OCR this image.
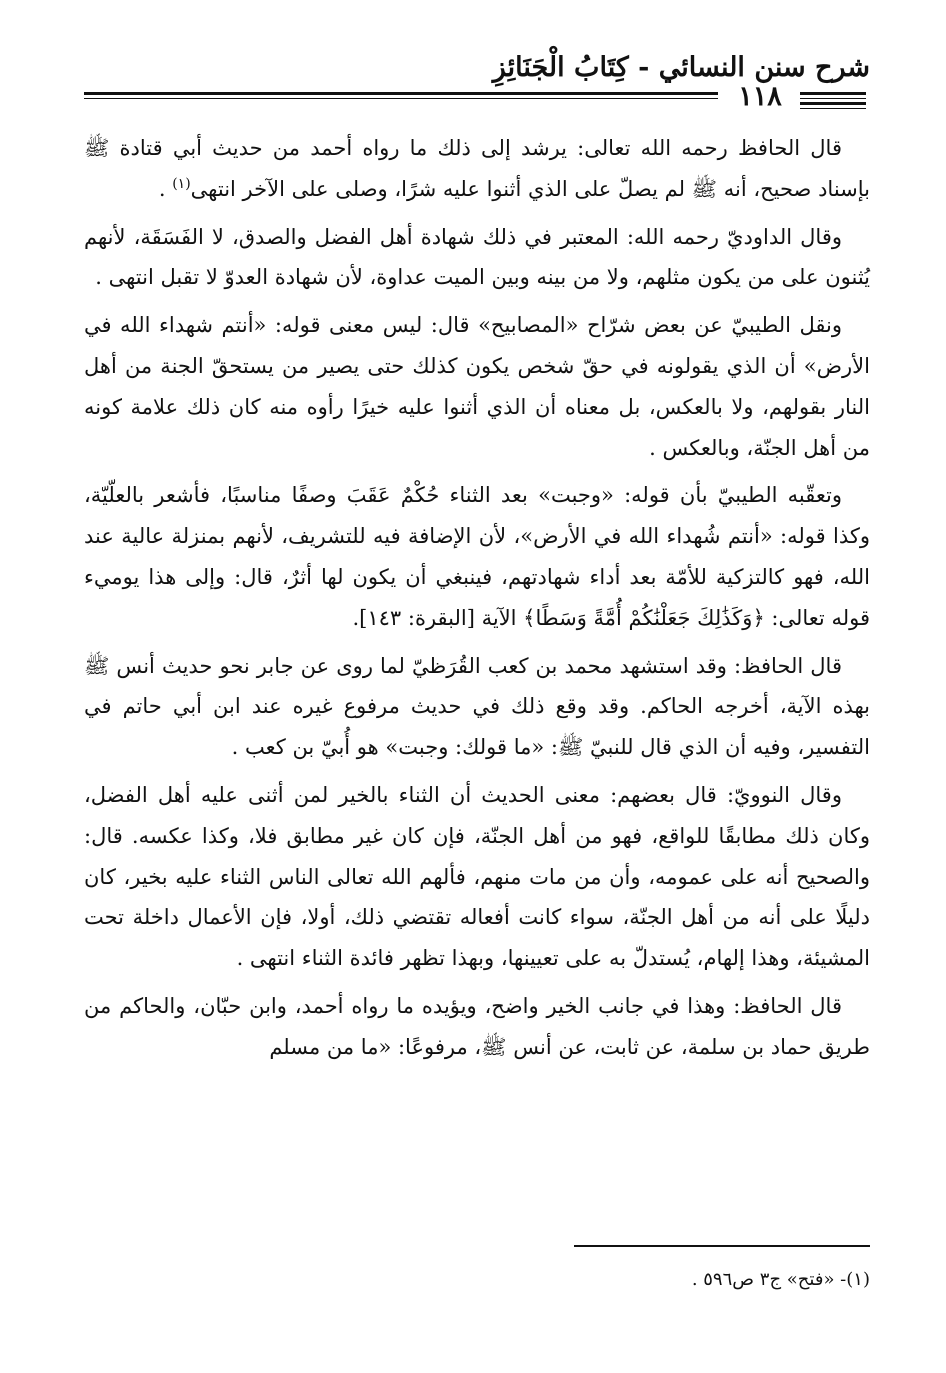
شرح سنن النسائي - كِتَابُ الْجَنَائِزِ
١١٨

قال الحافظ رحمه الله تعالى: يرشد إلى ذلك ما رواه أحمد من حديث أبي قتادة ﷺ بإسناد صحيح، أنه ﷺ لم يصلّ على الذي أثنوا عليه شرًا، وصلى على الآخر انتهى$^{(١)}$ .

وقال الداوديّ رحمه الله: المعتبر في ذلك شهادة أهل الفضل والصدق، لا الفَسَقَة، لأنهم يُثنون على من يكون مثلهم، ولا من بينه وبين الميت عداوة، لأن شهادة العدوّ لا تقبل انتهى .

ونقل الطيبيّ عن بعض شرّاح «المصابيح» قال: ليس معنى قوله: «أنتم شهداء الله في الأرض» أن الذي يقولونه في حقّ شخص يكون كذلك حتى يصير من يستحقّ الجنة من أهل النار بقولهم، ولا بالعكس، بل معناه أن الذي أثنوا عليه خيرًا رأوه منه كان ذلك علامة كونه من أهل الجنّة، وبالعكس .

وتعقّبه الطيبيّ بأن قوله: «وجبت» بعد الثناء حُكْمٌ عَقَبَ وصفًا مناسبًا، فأشعر بالعلّيّة، وكذا قوله: «أنتم شُهداء الله في الأرض»، لأن الإضافة فيه للتشريف، لأنهم بمنزلة عالية عند الله، فهو كالتزكية للأمّة بعد أداء شهادتهم، فينبغي أن يكون لها أثرٌ، قال: وإلى هذا يوميء قوله تعالى: ﴿وَكَذَٰلِكَ جَعَلْنَٰكُمْ أُمَّةً وَسَطًا﴾ الآية [البقرة: ١٤٣].

قال الحافظ: وقد استشهد محمد بن كعب القُرَظيّ لما روى عن جابر نحو حديث أنس ﷺ بهذه الآية، أخرجه الحاكم. وقد وقع ذلك في حديث مرفوع غيره عند ابن أبي حاتم في التفسير، وفيه أن الذي قال للنبيّ ﷺ: «ما قولك: وجبت» هو أُبيّ بن كعب .

وقال النوويّ: قال بعضهم: معنى الحديث أن الثناء بالخير لمن أثنى عليه أهل الفضل، وكان ذلك مطابقًا للواقع، فهو من أهل الجنّة، فإن كان غير مطابق فلا، وكذا عكسه. قال: والصحيح أنه على عمومه، وأن من مات منهم، فألهم الله تعالى الناس الثناء عليه بخير، كان دليلًا على أنه من أهل الجنّة، سواء كانت أفعاله تقتضي ذلك، أولا، فإن الأعمال داخلة تحت المشيئة، وهذا إلهام، يُستدلّ به على تعيينها، وبهذا تظهر فائدة الثناء انتهى .

قال الحافظ: وهذا في جانب الخير واضح، ويؤيده ما رواه أحمد، وابن حبّان، والحاكم من طريق حماد بن سلمة، عن ثابت، عن أنس ﷺ، مرفوعًا: «ما من مسلم

(١)- «فتح» ج٣ ص٥٩٦ .
